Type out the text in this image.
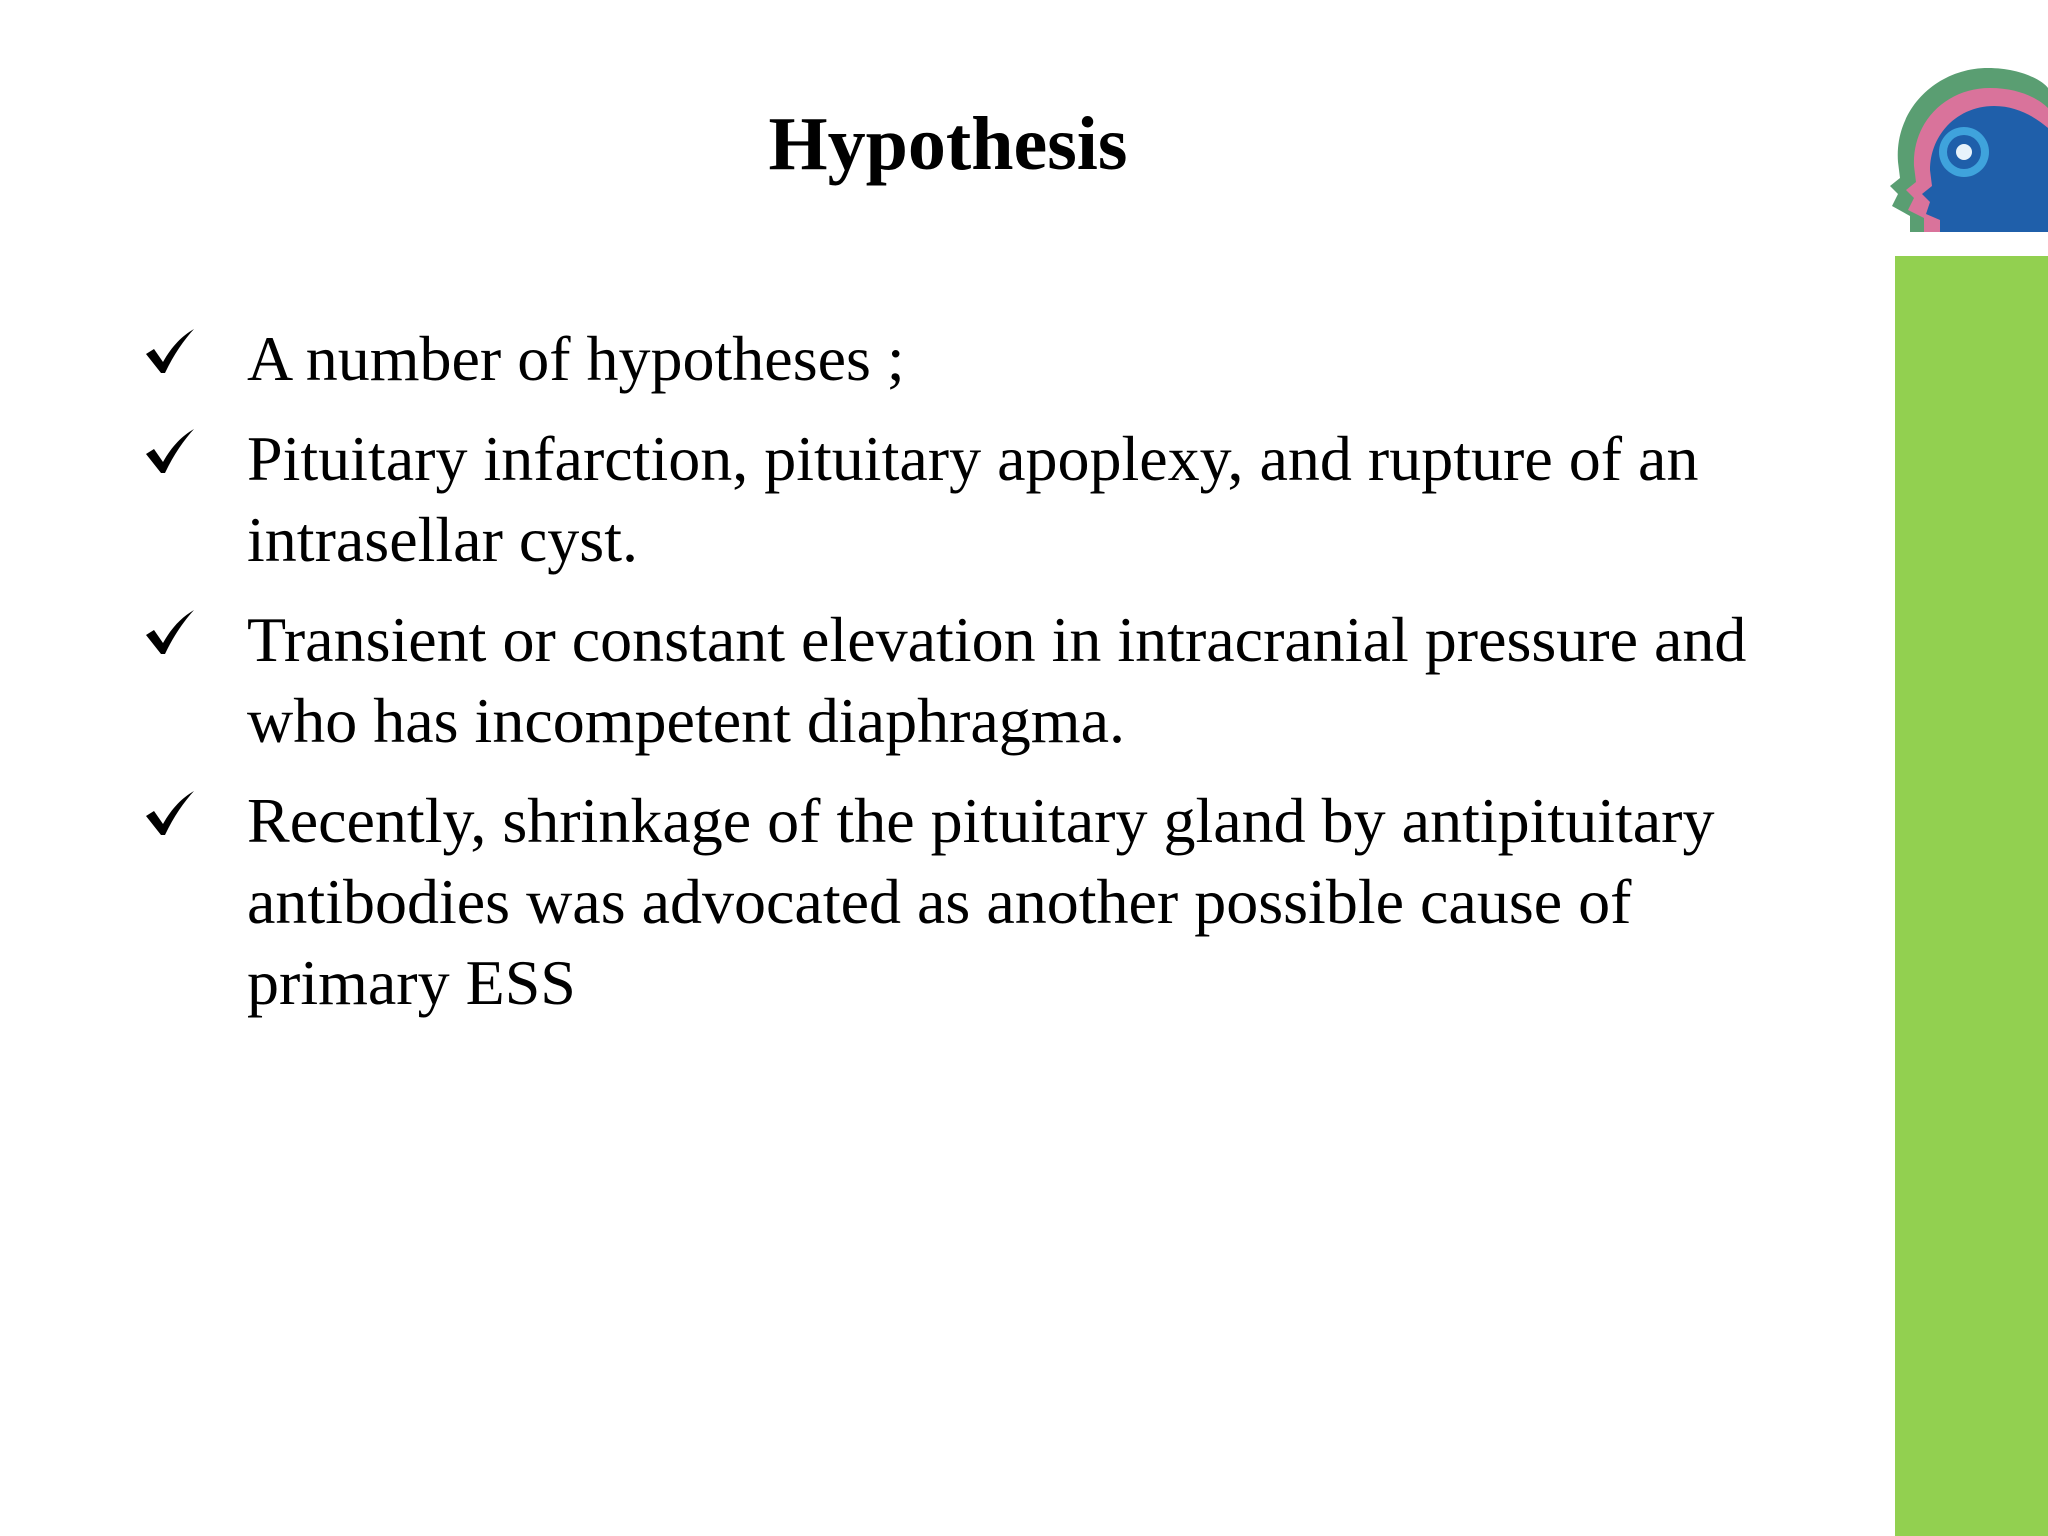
Hypothesis
A number of hypotheses ;
Pituitary infarction, pituitary apoplexy, and rupture of an intrasellar cyst.
Transient or constant elevation in intracranial pressure and who has incompetent diaphragma.
Recently, shrinkage of the pituitary gland by antipituitary antibodies was advocated as another possible cause of primary ESS
